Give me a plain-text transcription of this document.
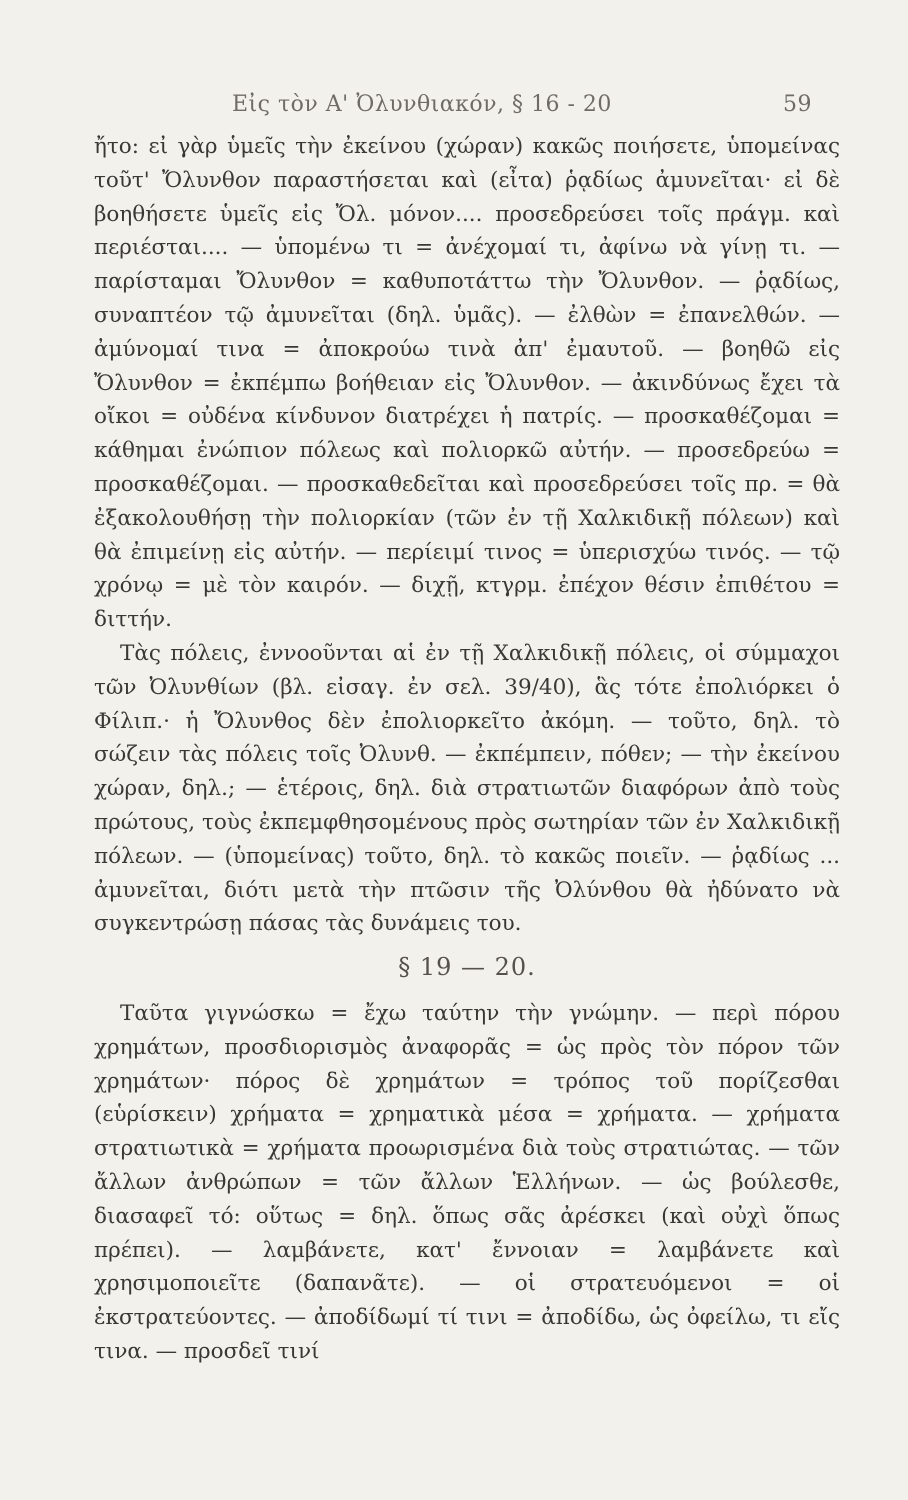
Εἰς τὸν Α' Ὀλυνθιακόν, § 16 - 20	59

ἤτο: εἰ γὰρ ὑμεῖς τὴν ἐκείνου (χώραν) κακῶς ποιήσετε, ὑπομείνας τοῦτ' Ὄλυνθον παραστήσεται καὶ (εἶτα) ῥᾳδίως ἀμυνεῖται· εἰ δὲ βοηθήσετε ὑμεῖς εἰς Ὄλ. μόνον.... προσεδρεύσει τοῖς πράγμ. καὶ περιέσται.... — ὑπομένω τι = ἀνέχομαί τι, ἀφίνω νὰ γίνῃ τι. — παρίσταμαι Ὄλυνθον = καθυποτάττω τὴν Ὄλυνθον. — ῥᾳδίως, συναπτέον τῷ ἀμυνεῖται (δηλ. ὑμᾶς). — ἐλθὼν = ἐπανελθών. — ἀμύνομαί τινα = ἀποκρούω τινὰ ἀπ' ἐμαυτοῦ. — βοηθῶ εἰς Ὄλυνθον = ἐκπέμπω βοήθειαν εἰς Ὄλυνθον. — ἀκινδύνως ἔχει τὰ οἴκοι = οὐδένα κίνδυνον διατρέχει ἡ πατρίς. — προσκαθέζομαι = κάθημαι ἐνώπιον πόλεως καὶ πολιορκῶ αὐτήν. — προσεδρεύω = προσκαθέζομαι. — προσκαθεδεῖται καὶ προσεδρεύσει τοῖς πρ. = θὰ ἐξακολουθήσῃ τὴν πολιορκίαν (τῶν ἐν τῇ Χαλκιδικῇ πόλεων) καὶ θὰ ἐπιμείνῃ εἰς αὐτήν. — περίειμί τινος = ὑπερισχύω τινός. — τῷ χρόνῳ = μὲ τὸν καιρόν. — διχῇ, κτγρμ. ἐπέχον θέσιν ἐπιθέτου = διττήν.

Τὰς πόλεις, ἐννοοῦνται αἱ ἐν τῇ Χαλκιδικῇ πόλεις, οἱ σύμμαχοι τῶν Ὀλυνθίων (βλ. εἰσαγ. ἐν σελ. 39/40), ἃς τότε ἐπολιόρκει ὁ Φίλιπ.· ἡ Ὄλυνθος δὲν ἐπολιορκεῖτο ἀκόμη. — τοῦτο, δηλ. τὸ σώζειν τὰς πόλεις τοῖς Ὀλυνθ. — ἐκπέμπειν, πόθεν; — τὴν ἐκείνου χώραν, δηλ.; — ἑτέροις, δηλ. διὰ στρατιωτῶν διαφόρων ἀπὸ τοὺς πρώτους, τοὺς ἐκπεμφθησομένους πρὸς σωτηρίαν τῶν ἐν Χαλκιδικῇ πόλεων. — (ὑπομείνας) τοῦτο, δηλ. τὸ κακῶς ποιεῖν. — ῥᾳδίως ... ἀμυνεῖται, διότι μετὰ τὴν πτῶσιν τῆς Ὀλύνθου θὰ ἠδύνατο νὰ συγκεντρώσῃ πάσας τὰς δυνάμεις του.

§ 19 — 20.

Ταῦτα γιγνώσκω = ἔχω ταύτην τὴν γνώμην. — περὶ πόρου χρημάτων, προσδιορισμὸς ἀναφορᾶς = ὡς πρὸς τὸν πόρον τῶν χρημάτων· πόρος δὲ χρημάτων = τρόπος τοῦ πορίζεσθαι (εὑρίσκειν) χρήματα = χρηματικὰ μέσα = χρήματα. — χρήματα στρατιωτικὰ = χρήματα προωρισμένα διὰ τοὺς στρατιώτας. — τῶν ἄλλων ἀνθρώπων = τῶν ἄλλων Ἑλλήνων. — ὡς βούλεσθε, διασαφεῖ τό: οὕτως = δηλ. ὅπως σᾶς ἀρέσκει (καὶ οὐχὶ ὅπως πρέπει). — λαμβάνετε, κατ' ἔννοιαν = λαμβάνετε καὶ χρησιμοποιεῖτε (δαπανᾶτε). — οἱ στρατευόμενοι = οἱ ἐκστρατεύοντες. — ἀποδίδωμί τί τινι = ἀποδίδω, ὡς ὀφείλω, τι εἴς τινα. — προσδεῖ τινί
